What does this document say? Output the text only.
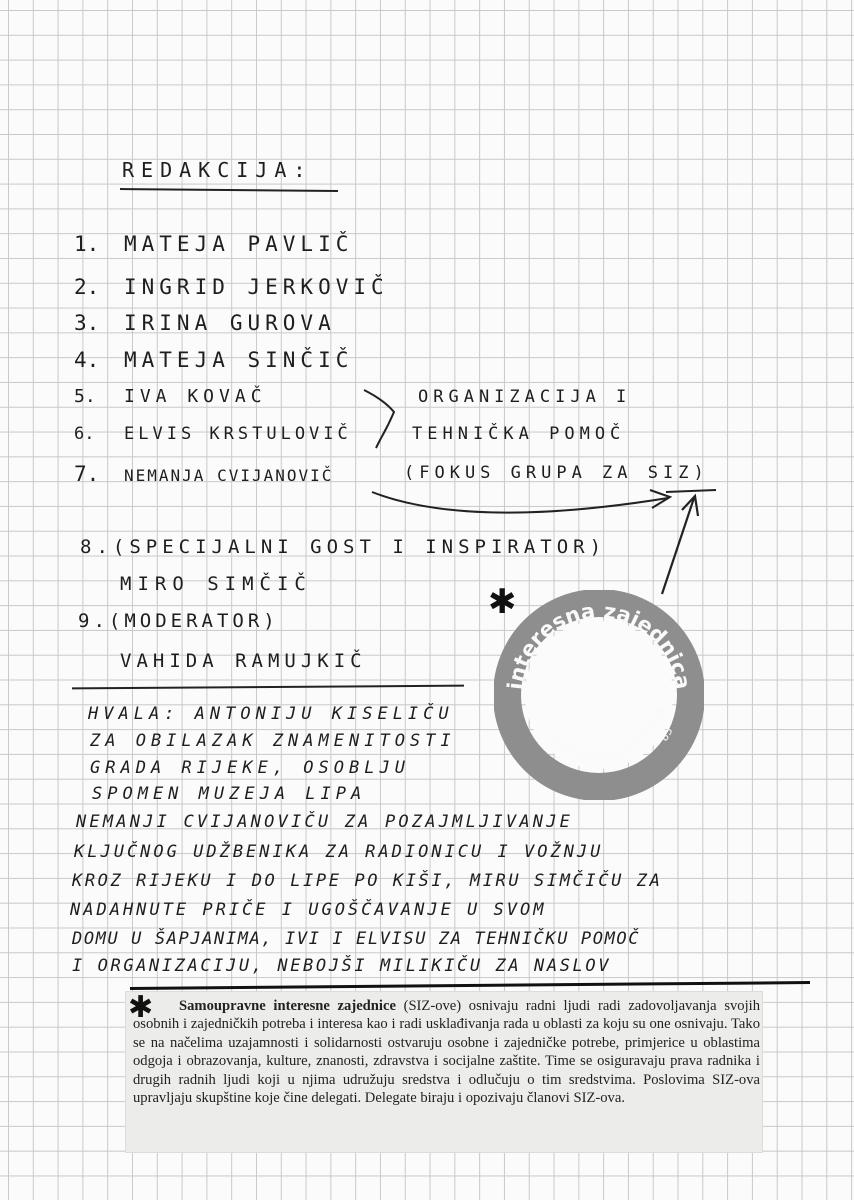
REDAKCIJA:
1. MATEJA PAVLIČ
2. INGRID JERKOVIČ
3. IRINA GUROVA
4. MATEJA SINČIČ
5. IVA KOVAČ
6. ELVIS KRSTULOVIČ
7. NEMANJA CVIJANOVIČ
ORGANIZACIJA I
TEHNIČKA POMOČ
(FOKUS GRUPA ZA SIZ)
8.(SPECIJALNI GOST I INSPIRATOR)
MIRO SIMČIČ
9.(MODERATOR)
VAHIDA RAMUJKIČ
interesna zajednica
samoupravna
85
✱
HVALA: ANTONIJU KISELIČU
ZA OBILAZAK ZNAMENITOSTI
GRADA RIJEKE, OSOBLJU
SPOMEN MUZEJA LIPA
NEMANJI CVIJANOVIČU ZA POZAJMLJIVANJE
KLJUČNOG UDŽBENIKA ZA RADIONICU I VOŽNJU
KROZ RIJEKU I DO LIPE PO KIŠI, MIRU SIMČIČU ZA
NADAHNUTE PRIČE I UGOŠČAVANJE U SVOM
DOMU U ŠAPJANIMA, IVI I ELVISU ZA TEHNIČKU POMOČ
I ORGANIZACIJU, NEBOJŠI MILIKIČU ZA NASLOV
✱	Samoupravne interesne zajednice (SIZ-ove) osnivaju radni ljudi radi zadovoljavanja svojih osobnih i zajedničkih potreba i interesa kao i radi usklađivanja rada u oblasti za koju su one osnivaju. Tako se na načelima uzajamnosti i solidarnosti ostvaruju osobne i zajedničke potrebe, primjerice u oblastima odgoja i obrazovanja, kulture, znanosti, zdravstva i socijalne zaštite. Time se osiguravaju prava radnika i drugih radnih ljudi koji u njima udružuju sredstva i odlučuju o tim sredstvima. Poslovima SIZ-ova upravljaju skupštine koje čine delegati. Delegate biraju i opozivaju članovi SIZ-ova.
